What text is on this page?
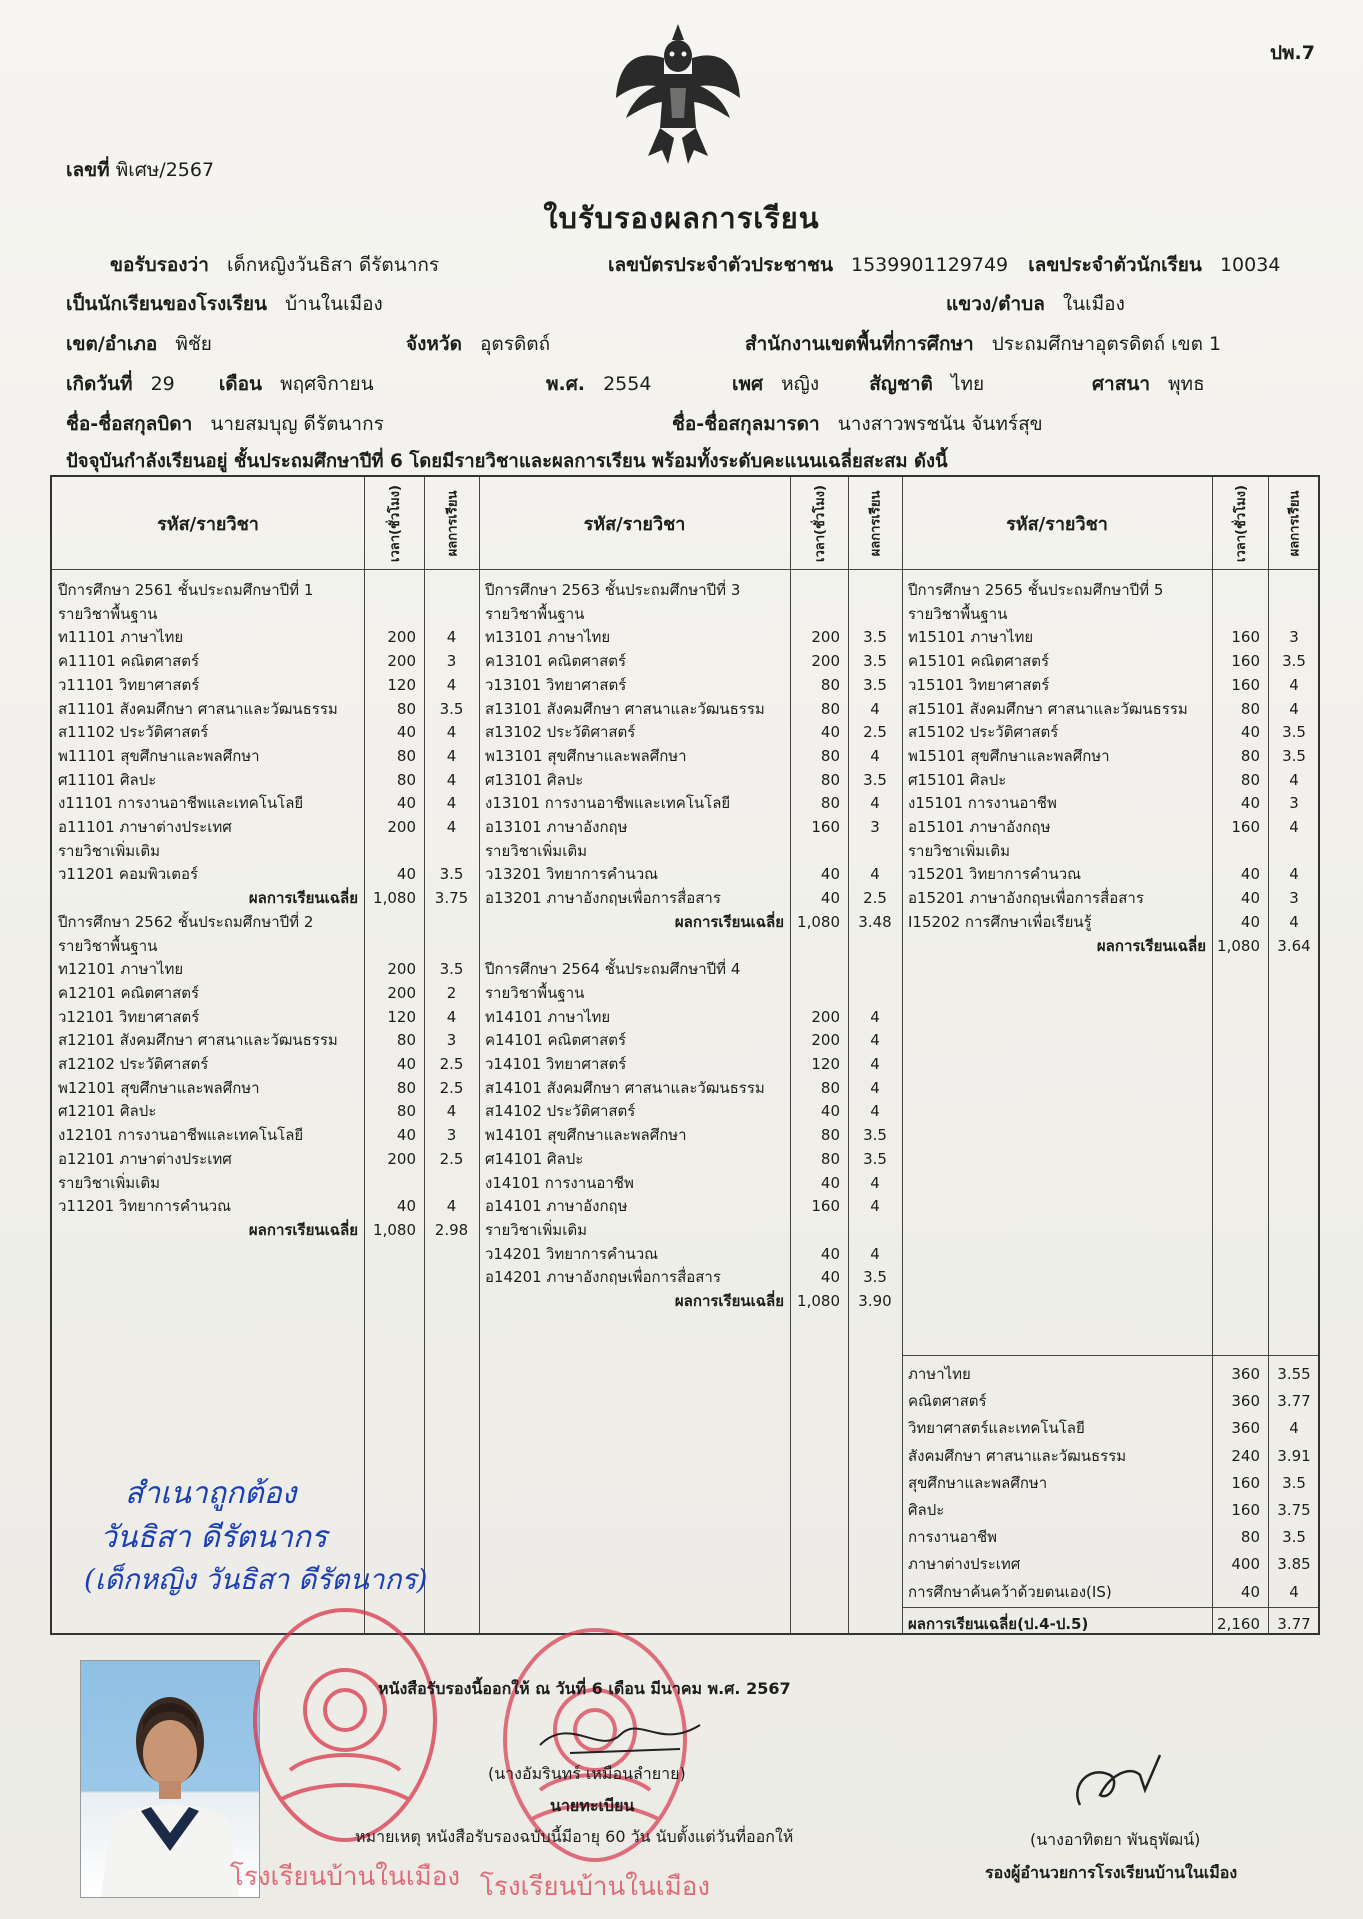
ปพ.7
เลขที่ พิเศษ/2567
ใบรับรองผลการเรียน
ขอรับรองว่า เด็กหญิงวันธิสา ดีรัตนากร	เลขบัตรประจำตัวประชาชน 1539901129749 เลขประจำตัวนักเรียน 10034
เป็นนักเรียนของโรงเรียน บ้านในเมือง	แขวง/ตำบล ในเมือง
เขต/อำเภอ พิชัย	จังหวัด อุตรดิตถ์	สำนักงานเขตพื้นที่การศึกษา ประถมศึกษาอุตรดิตถ์ เขต 1
เกิดวันที่ 29 เดือน พฤศจิกายน	พ.ศ. 2554	เพศ หญิง	สัญชาติ ไทย	ศาสนา พุทธ
ชื่อ-ชื่อสกุลบิดา นายสมบุญ ดีรัตนากร	ชื่อ-ชื่อสกุลมารดา นางสาวพรชนัน จันทร์สุข
ปัจจุบันกำลังเรียนอยู่ ชั้นประถมศึกษาปีที่ 6 โดยมีรายวิชาและผลการเรียน พร้อมทั้งระดับคะแนนเฉลี่ยสะสม ดังนี้
รหัส/รายวิชา	เวลา(ชั่วโมง)	ผลการเรียน	รหัส/รายวิชา	เวลา(ชั่วโมง)	ผลการเรียน	รหัส/รายวิชา	เวลา(ชั่วโมง)	ผลการเรียน
ปีการศึกษา 2561 ชั้นประถมศึกษาปีที่ 1
รายวิชาพื้นฐาน
ท11101 ภาษาไทย	200	4
ค11101 คณิตศาสตร์	200	3
ว11101 วิทยาศาสตร์	120	4
ส11101 สังคมศึกษา ศาสนาและวัฒนธรรม	80	3.5
ส11102 ประวัติศาสตร์	40	4
พ11101 สุขศึกษาและพลศึกษา	80	4
ศ11101 ศิลปะ	80	4
ง11101 การงานอาชีพและเทคโนโลยี	40	4
อ11101 ภาษาต่างประเทศ	200	4
รายวิชาเพิ่มเติม
ว11201 คอมพิวเตอร์	40	3.5
ผลการเรียนเฉลี่ย	1,080	3.75
ปีการศึกษา 2562 ชั้นประถมศึกษาปีที่ 2
รายวิชาพื้นฐาน
ท12101 ภาษาไทย	200	3.5
ค12101 คณิตศาสตร์	200	2
ว12101 วิทยาศาสตร์	120	4
ส12101 สังคมศึกษา ศาสนาและวัฒนธรรม	80	3
ส12102 ประวัติศาสตร์	40	2.5
พ12101 สุขศึกษาและพลศึกษา	80	2.5
ศ12101 ศิลปะ	80	4
ง12101 การงานอาชีพและเทคโนโลยี	40	3
อ12101 ภาษาต่างประเทศ	200	2.5
รายวิชาเพิ่มเติม
ว11201 วิทยาการคำนวณ	40	4
ผลการเรียนเฉลี่ย	1,080	2.98
ปีการศึกษา 2563 ชั้นประถมศึกษาปีที่ 3
รายวิชาพื้นฐาน
ท13101 ภาษาไทย	200	3.5
ค13101 คณิตศาสตร์	200	3.5
ว13101 วิทยาศาสตร์	80	3.5
ส13101 สังคมศึกษา ศาสนาและวัฒนธรรม	80	4
ส13102 ประวัติศาสตร์	40	2.5
พ13101 สุขศึกษาและพลศึกษา	80	4
ศ13101 ศิลปะ	80	3.5
ง13101 การงานอาชีพและเทคโนโลยี	80	4
อ13101 ภาษาอังกฤษ	160	3
รายวิชาเพิ่มเติม
ว13201 วิทยาการคำนวณ	40	4
อ13201 ภาษาอังกฤษเพื่อการสื่อสาร	40	2.5
ผลการเรียนเฉลี่ย 1,080	3.48
ปีการศึกษา 2564 ชั้นประถมศึกษาปีที่ 4
รายวิชาพื้นฐาน
ท14101 ภาษาไทย	200	4
ค14101 คณิตศาสตร์	200	4
ว14101 วิทยาศาสตร์	120	4
ส14101 สังคมศึกษา ศาสนาและวัฒนธรรม	80	4
ส14102 ประวัติศาสตร์	40	4
พ14101 สุขศึกษาและพลศึกษา	80	3.5
ศ14101 ศิลปะ	80	3.5
ง14101 การงานอาชีพ	40	4
อ14101 ภาษาอังกฤษ	160	4
รายวิชาเพิ่มเติม
ว14201 วิทยาการคำนวณ	40	4
อ14201 ภาษาอังกฤษเพื่อการสื่อสาร	40	3.5
ผลการเรียนเฉลี่ย 1,080	3.90
ปีการศึกษา 2565 ชั้นประถมศึกษาปีที่ 5
รายวิชาพื้นฐาน
ท15101 ภาษาไทย	160	3
ค15101 คณิตศาสตร์	160	3.5
ว15101 วิทยาศาสตร์	160	4
ส15101 สังคมศึกษา ศาสนาและวัฒนธรรม	80	4
ส15102 ประวัติศาสตร์	40	3.5
พ15101 สุขศึกษาและพลศึกษา	80	3.5
ศ15101 ศิลปะ	80	4
ง15101 การงานอาชีพ	40	3
อ15101 ภาษาอังกฤษ	160	4
รายวิชาเพิ่มเติม
ว15201 วิทยาการคำนวณ	40	4
อ15201 ภาษาอังกฤษเพื่อการสื่อสาร	40	3
I15202 การศึกษาเพื่อเรียนรู้	40	4
ผลการเรียนเฉลี่ย 1,080	3.64
ภาษาไทย	360	3.55
คณิตศาสตร์	360	3.77
วิทยาศาสตร์และเทคโนโลยี	360	4
สังคมศึกษา ศาสนาและวัฒนธรรม	240	3.91
สุขศึกษาและพลศึกษา	160	3.5
ศิลปะ	160	3.75
การงานอาชีพ	80	3.5
ภาษาต่างประเทศ	400	3.85
การศึกษาค้นคว้าด้วยตนเอง(IS)	40	4
ผลการเรียนเฉลี่ย(ป.4-ป.5)	2,160	3.77
สำเนาถูกต้อง
วันธิสา ดีรัตนากร
(เด็กหญิง วันธิสา ดีรัตนากร)
โรงเรียนบ้านในเมือง โรงเรียนบ้านในเมือง
หนังสือรับรองนี้ออกให้ ณ วันที่ 6 เดือน มีนาคม พ.ศ. 2567
(นางอัมรินทร์ เหมือนลำยาย)
นายทะเบียน
หมายเหตุ หนังสือรับรองฉบับนี้มีอายุ 60 วัน นับตั้งแต่วันที่ออกให้	(นางอาทิตยา พันธุพัฒน์)
รองผู้อำนวยการโรงเรียนบ้านในเมือง
